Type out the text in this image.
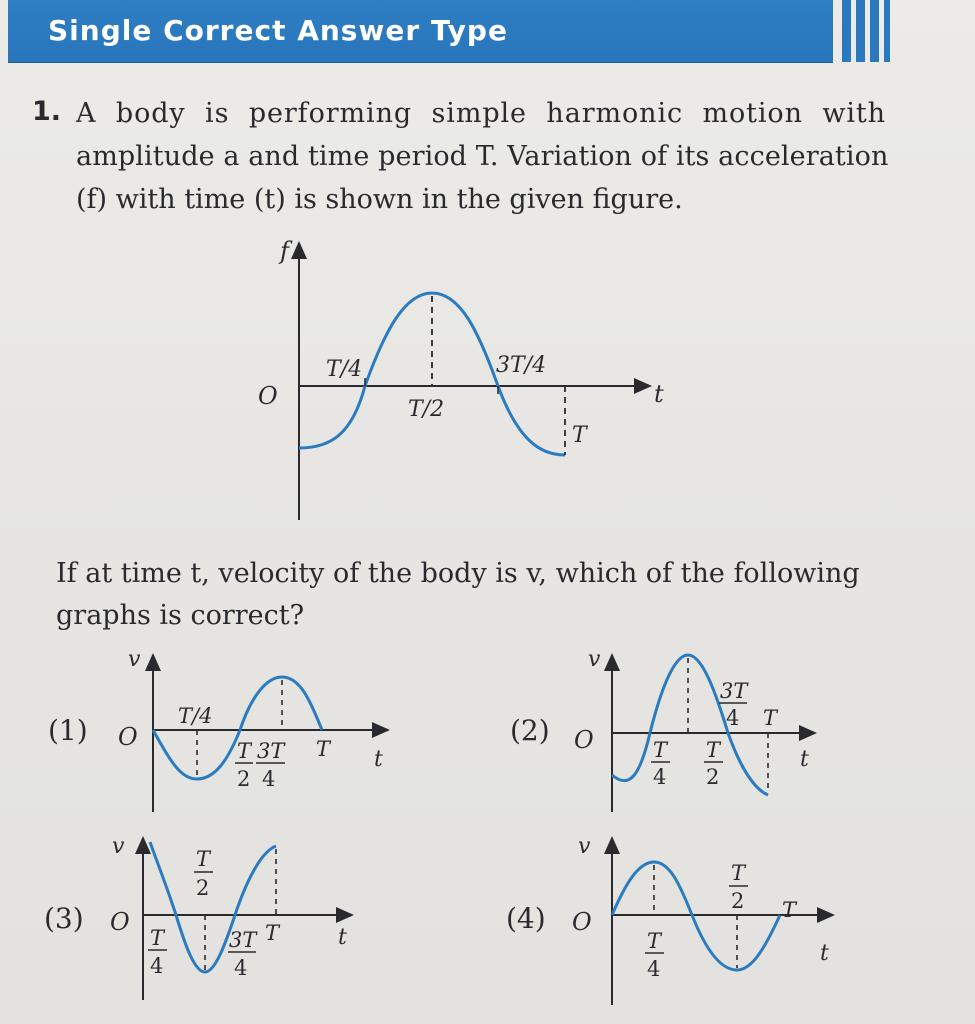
Single Correct Answer Type
1. A body is performing simple harmonic motion with
amplitude a and time period T. Variation of its acceleration
(f) with time (t) is shown in the given figure.
If at time t, velocity of the body is v, which of the following
graphs is correct?
f
t
O
T/4
T/2
3T/4
T
(1)
v
O
t
T/4
T
2
3T
4
T
(2)
v
O
t
T
4
T
2
3T
4 T
(3)
v
O
t
T
4
T
2
3T
4
T	(4)
v
O
t
T
4
T
2 T
